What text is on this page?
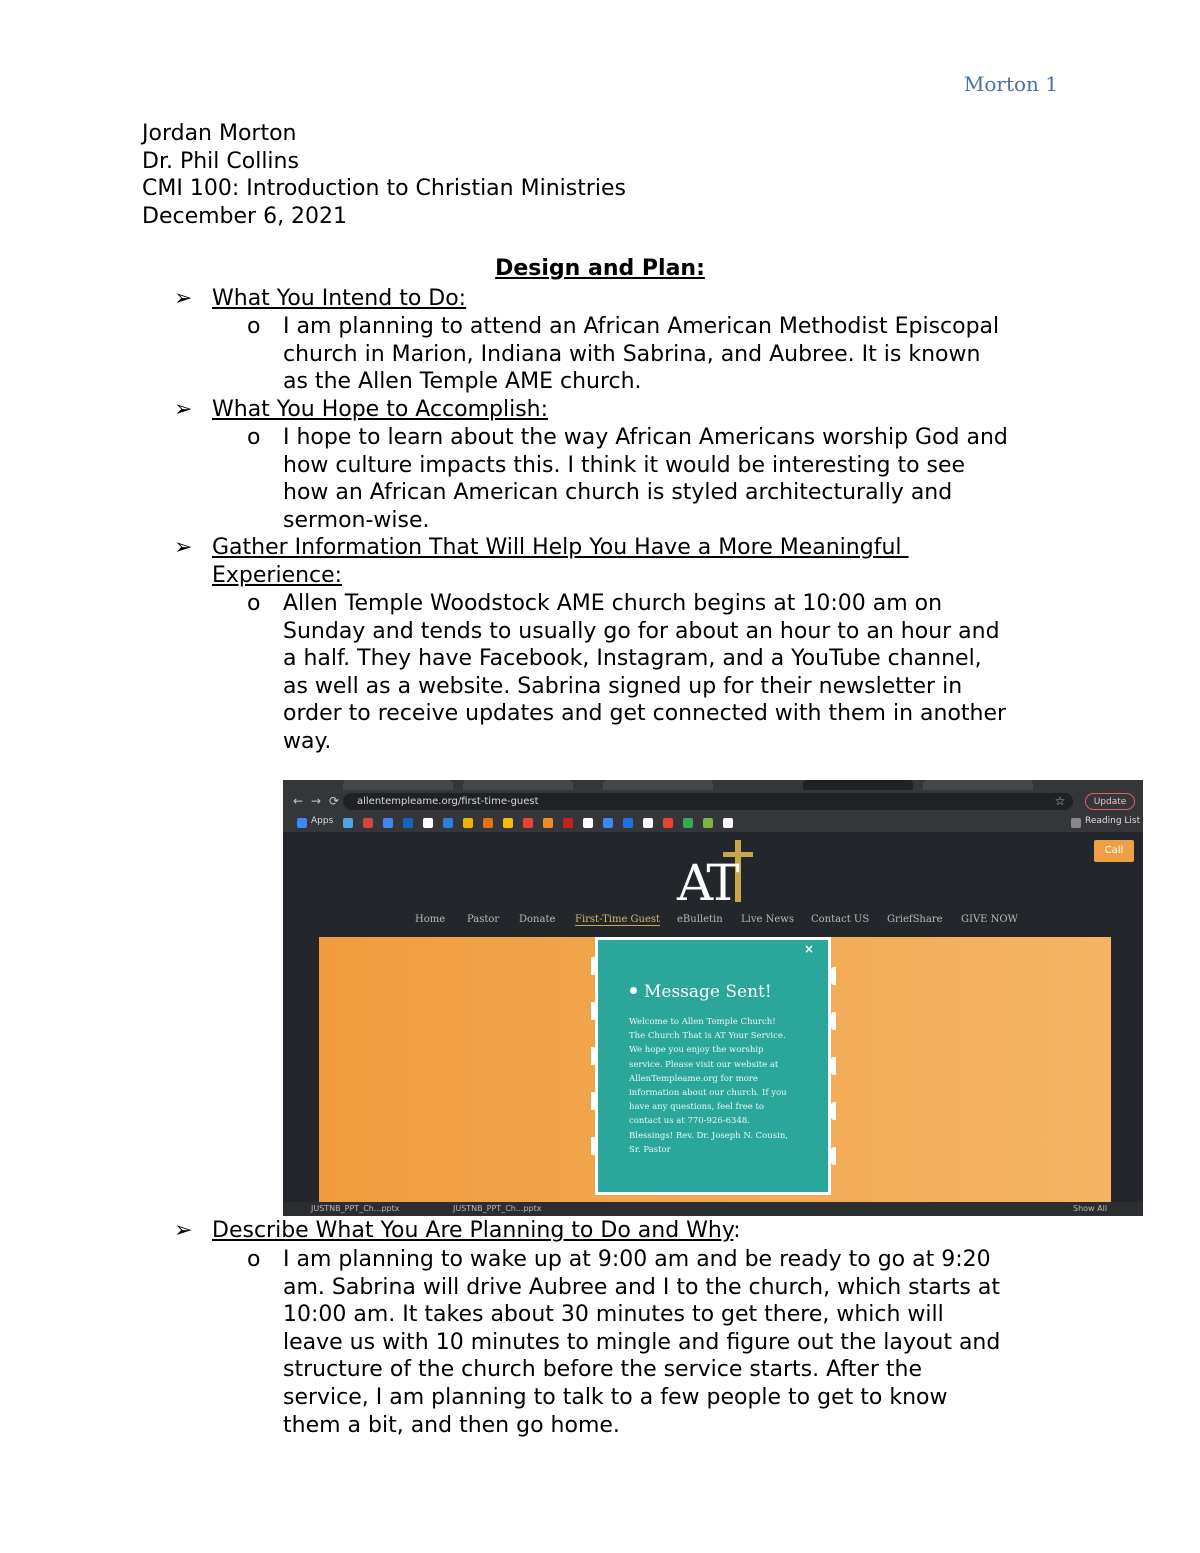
Morton 1
Jordan Morton
Dr. Phil Collins
CMI 100: Introduction to Christian Ministries
December 6, 2021
Design and Plan:
➢ What You Intend to Do:
o I am planning to attend an African American Methodist Episcopal
church in Marion, Indiana with Sabrina, and Aubree. It is known
as the Allen Temple AME church.
➢ What You Hope to Accomplish:
o I hope to learn about the way African Americans worship God and
how culture impacts this. I think it would be interesting to see
how an African American church is styled architecturally and
sermon-wise.
➢ Gather Information That Will Help You Have a More Meaningful
Experience:
o Allen Temple Woodstock AME church begins at 10:00 am on
Sunday and tends to usually go for about an hour to an hour and
a half. They have Facebook, Instagram, and a YouTube channel,
as well as a website. Sabrina signed up for their newsletter in
order to receive updates and get connected with them in another
way.
← → ⟳ allentempleame.org/first-time-guest	☆	Update
Apps	Reading List
AT
Call
Home Pastor Donate First-Time Guest eBulletin Live News Contact US GriefShare GIVE NOW
×
Message Sent!
Welcome to Allen Temple Church!
The Church That is AT Your Service.
We hope you enjoy the worship
service. Please visit our website at
AllenTempleame.org for more
information about our church. If you
have any questions, feel free to
contact us at 770-926-6348.
Blessings! Rev. Dr. Joseph N. Cousin,
Sr. Pastor
JUSTNB_PPT_Ch...pptx	JUSTNB_PPT_Ch...pptx	Show All
➢ Describe What You Are Planning to Do and Why:
o I am planning to wake up at 9:00 am and be ready to go at 9:20
am. Sabrina will drive Aubree and I to the church, which starts at
10:00 am. It takes about 30 minutes to get there, which will
leave us with 10 minutes to mingle and figure out the layout and
structure of the church before the service starts. After the
service, I am planning to talk to a few people to get to know
them a bit, and then go home.
